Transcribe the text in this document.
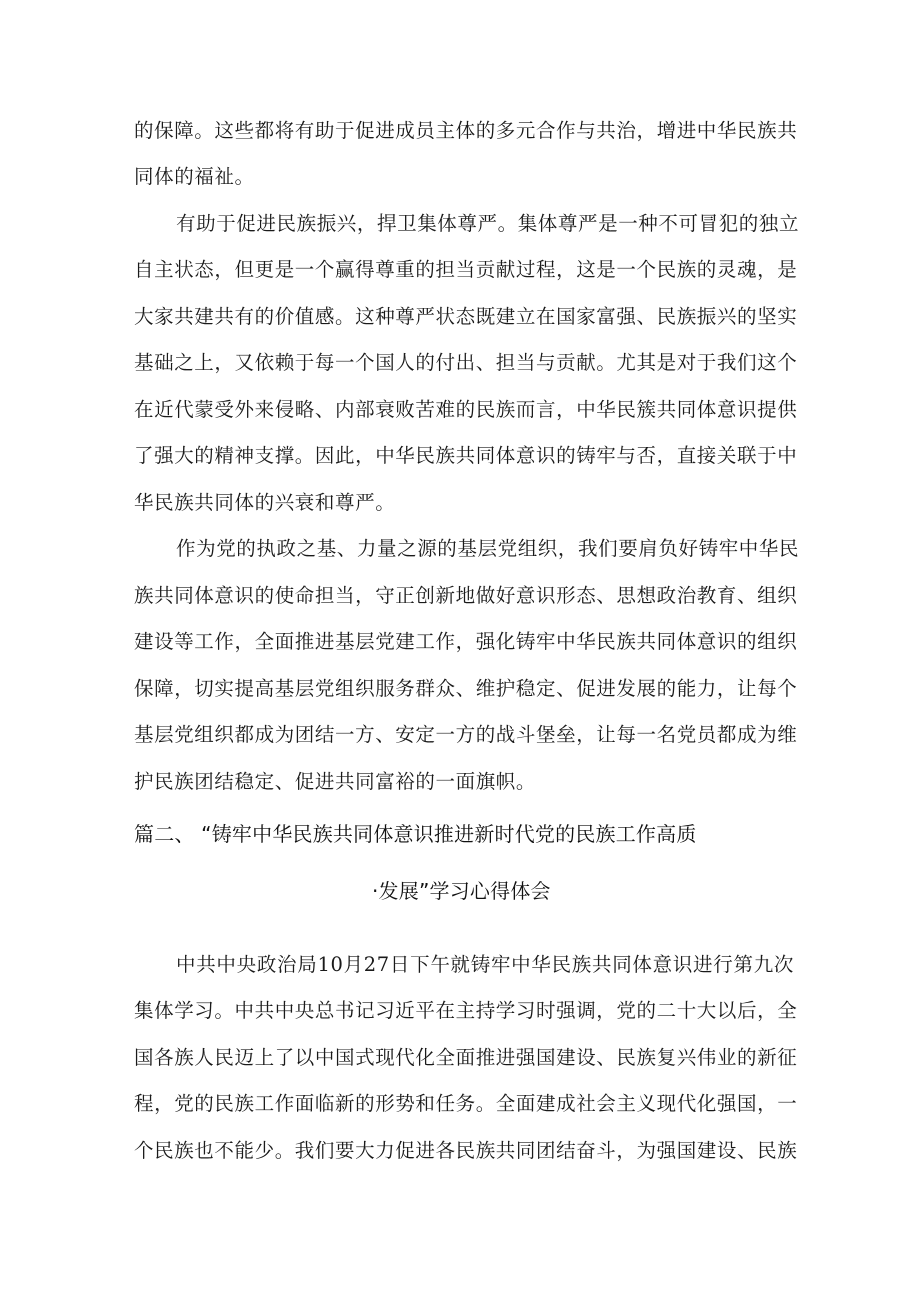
的保障。这些都将有助于促进成员主体的多元合作与共治，增进中华民族共
同体的福祉。
有助于促进民族振兴，捍卫集体尊严。集体尊严是一种不可冒犯的独立
自主状态，但更是一个赢得尊重的担当贡献过程，这是一个民族的灵魂，是
大家共建共有的价值感。这种尊严状态既建立在国家富强、民族振兴的坚实
基础之上，又依赖于每一个国人的付出、担当与贡献。尤其是对于我们这个
在近代蒙受外来侵略、内部衰败苦难的民族而言，中华民簇共同体意识提供
了强大的精神支撑。因此，中华民族共同体意识的铸牢与否，直接关联于中
华民族共同体的兴衰和尊严。
作为党的执政之基、力量之源的基层党组织，我们要肩负好铸牢中华民
族共同体意识的使命担当，守正创新地做好意识形态、思想政治教育、组织
建设等工作，全面推进基层党建工作，强化铸牢中华民族共同体意识的组织
保障，切实提高基层党组织服务群众、维护稳定、促进发展的能力，让每个
基层党组织都成为团结一方、安定一方的战斗堡垒，让每一名党员都成为维
护民族团结稳定、促进共同富裕的一面旗帜。
篇二、 “铸牢中华民族共同体意识推进新时代党的民族工作高质
·发展”学习心得体会
中共中央政治局10月27日下午就铸牢中华民族共同体意识进行第九次
集体学习。中共中央总书记习近平在主持学习时强调，党的二十大以后，全
国各族人民迈上了以中国式现代化全面推进强国建设、民族复兴伟业的新征
程，党的民族工作面临新的形势和任务。全面建成社会主义现代化强国，一
个民族也不能少。我们要大力促进各民族共同团结奋斗，为强国建设、民族
